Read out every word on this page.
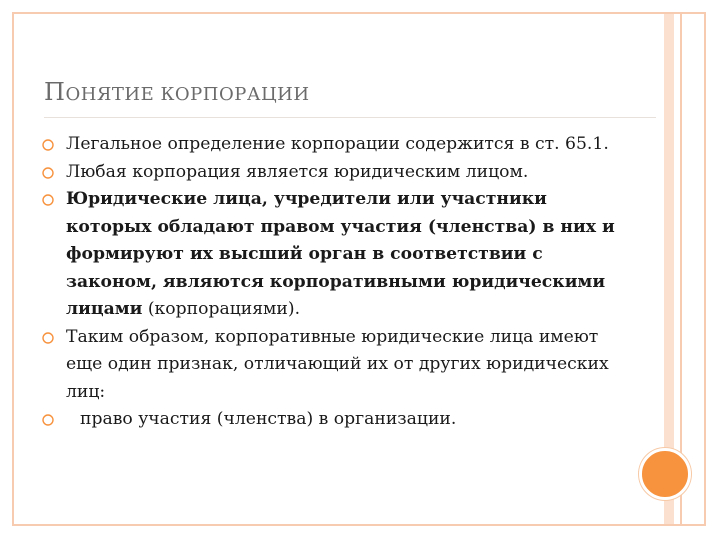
ПОНЯТИЕ КОРПОРАЦИИ
Легальное определение корпорации содержится в ст. 65.1.
Любая корпорация является юридическим лицом.
Юридические лица, учредители или участники которых обладают правом участия (членства) в них и формируют их высший орган в соответствии с законом, являются корпоративными юридическими лицами (корпорациями).
Таким образом, корпоративные юридические лица имеют еще один признак, отличающий их от других юридических лиц:
право участия (членства) в организации.
